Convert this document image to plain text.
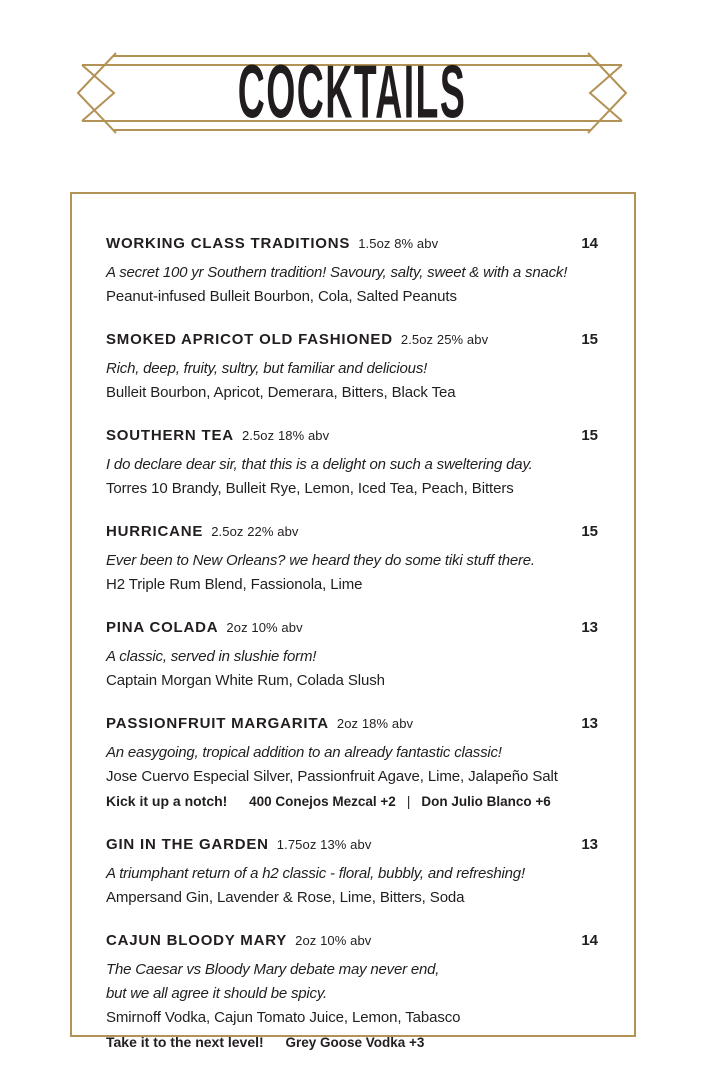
COCKTAILS
WORKING CLASS TRADITIONS 1.5oz 8% abv	14
A secret 100 yr Southern tradition! Savoury, salty, sweet & with a snack!
Peanut-infused Bulleit Bourbon, Cola, Salted Peanuts
SMOKED APRICOT OLD FASHIONED 2.5oz 25% abv	15
Rich, deep, fruity, sultry, but familiar and delicious!
Bulleit Bourbon, Apricot, Demerara, Bitters, Black Tea
SOUTHERN TEA 2.5oz 18% abv	15
I do declare dear sir, that this is a delight on such a sweltering day.
Torres 10 Brandy, Bulleit Rye, Lemon, Iced Tea, Peach, Bitters
HURRICANE 2.5oz 22% abv	15
Ever been to New Orleans? we heard they do some tiki stuff there.
H2 Triple Rum Blend, Fassionola, Lime
PINA COLADA 2oz 10% abv	13
A classic, served in slushie form!
Captain Morgan White Rum, Colada Slush
PASSIONFRUIT MARGARITA 2oz 18% abv	13
An easygoing, tropical addition to an already fantastic classic!
Jose Cuervo Especial Silver, Passionfruit Agave, Lime, Jalapeño Salt
Kick it up a notch! 400 Conejos Mezcal +2 | Don Julio Blanco +6
GIN IN THE GARDEN 1.75oz 13% abv	13
A triumphant return of a h2 classic - floral, bubbly, and refreshing!
Ampersand Gin, Lavender & Rose, Lime, Bitters, Soda
CAJUN BLOODY MARY 2oz 10% abv	14
The Caesar vs Bloody Mary debate may never end,
but we all agree it should be spicy.
Smirnoff Vodka, Cajun Tomato Juice, Lemon, Tabasco
Take it to the next level! Grey Goose Vodka +3
